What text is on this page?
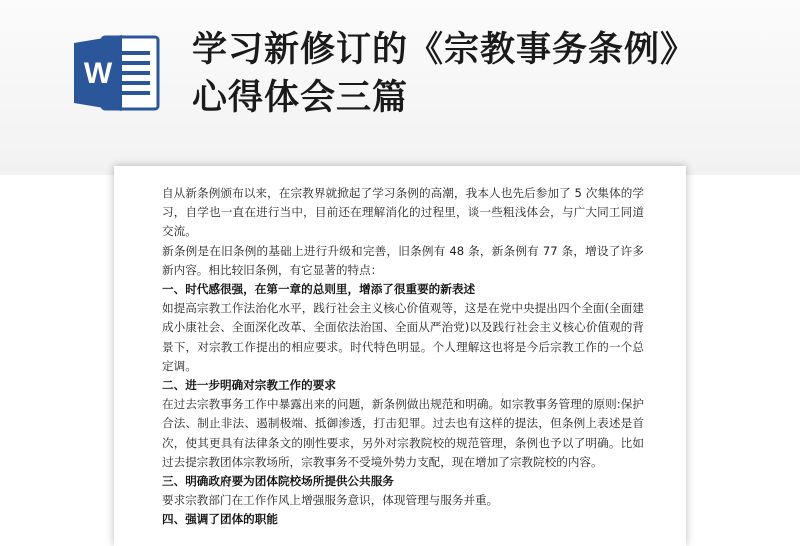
W
学习新修订的《宗教事务条例》
心得体会三篇

自从新条例颁布以来，在宗教界就掀起了学习条例的高潮，我本人也先后参加了 5 次集体的学习，自学也一直在进行当中，目前还在理解消化的过程里，谈一些粗浅体会，与广大同工同道交流。

新条例是在旧条例的基础上进行升级和完善，旧条例有 48 条，新条例有 77 条，增设了许多新内容。相比较旧条例，有它显著的特点：

一、时代感很强，在第一章的总则里，增添了很重要的新表述

如提高宗教工作法治化水平，践行社会主义核心价值观等，这是在党中央提出四个全面(全面建成小康社会、全面深化改革、全面依法治国、全面从严治党)以及践行社会主义核心价值观的背景下，对宗教工作提出的相应要求。时代特色明显。个人理解这也将是今后宗教工作的一个总定调。

二、进一步明确对宗教工作的要求

在过去宗教事务工作中暴露出来的问题，新条例做出规范和明确。如宗教事务管理的原则:保护合法、制止非法、遏制极端、抵御渗透，打击犯罪。过去也有这样的提法，但条例上表述是首次，使其更具有法律条文的刚性要求，另外对宗教院校的规范管理，条例也予以了明确。比如过去提宗教团体宗教场所，宗教事务不受境外势力支配，现在增加了宗教院校的内容。

三、明确政府要为团体院校场所提供公共服务

要求宗教部门在工作作风上增强服务意识，体现管理与服务并重。

四、强调了团体的职能
